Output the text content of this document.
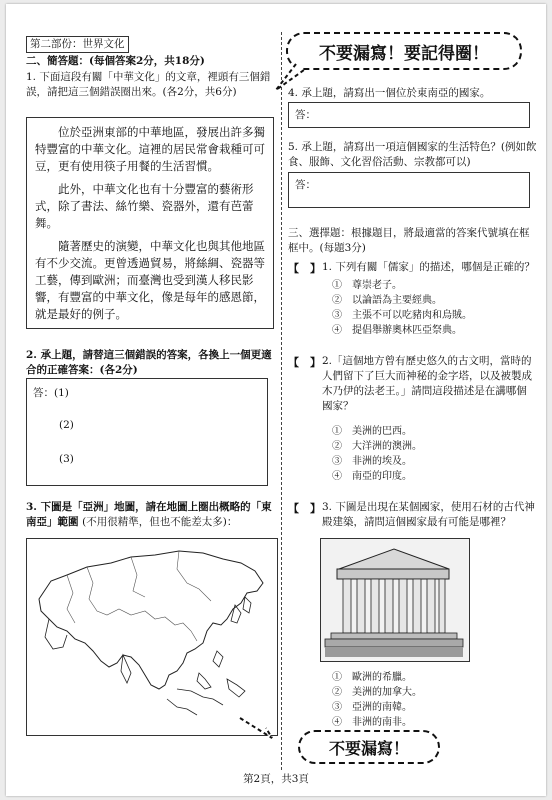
第二部份：世界文化
二、簡答題：(每個答案2分，共18分)
1. 下面這段有關「中華文化」的文章，裡頭有三個錯誤，請把這三個錯誤圈出來。(各2分，共6分)

位於亞洲東部的中華地區，發展出許多獨特豐富的中華文化。這裡的居民常會栽種可可豆，更有使用筷子用餐的生活習慣。

此外，中華文化也有十分豐富的藝術形式，除了書法、絲竹樂、瓷器外，還有芭蕾舞。

隨著歷史的演變，中華文化也與其他地區有不少交流。更曾透過貿易，將絲綢、瓷器等工藝，傳到歐洲；而臺灣也受到漢人移民影響，有豐富的中華文化，像是每年的感恩節，就是最好的例子。

2. 承上題，請替這三個錯誤的答案，各換上一個更適合的正確答案：(各2分)
答：(1)
(2)
(3)
3. 下圖是「亞洲」地圖，請在地圖上圈出概略的「東南亞」範圍 (不用很精準，但也不能差太多)：
不要漏寫！要記得圈！
4. 承上題，請寫出一個位於東南亞的國家。
答：
5. 承上題，請寫出一項這個國家的生活特色？(例如飲食、服飾、文化習俗活動、宗教都可以)
答：
三、選擇題：根據題目，將最適當的答案代號填在框框中。(每題3分)
【　】 1. 下列有關「儒家」的描述，哪個是正確的？
①　尊崇老子。
②　以論語為主要經典。
③　主張不可以吃豬肉和烏賊。
④　提倡舉辦奧林匹亞祭典。
【　】 2.「這個地方曾有歷史悠久的古文明，當時的人們留下了巨大而神秘的金字塔，以及被製成木乃伊的法老王。」請問這段描述是在講哪個國家？
①　美洲的巴西。
②　大洋洲的澳洲。
③　非洲的埃及。
④　南亞的印度。
【　】 3. 下圖是出現在某個國家，使用石材的古代神殿建築，請問這個國家最有可能是哪裡？
①　歐洲的希臘。
②　美洲的加拿大。
③　亞洲的南韓。
④　非洲的南非。
不要漏寫！
第2頁，共3頁
